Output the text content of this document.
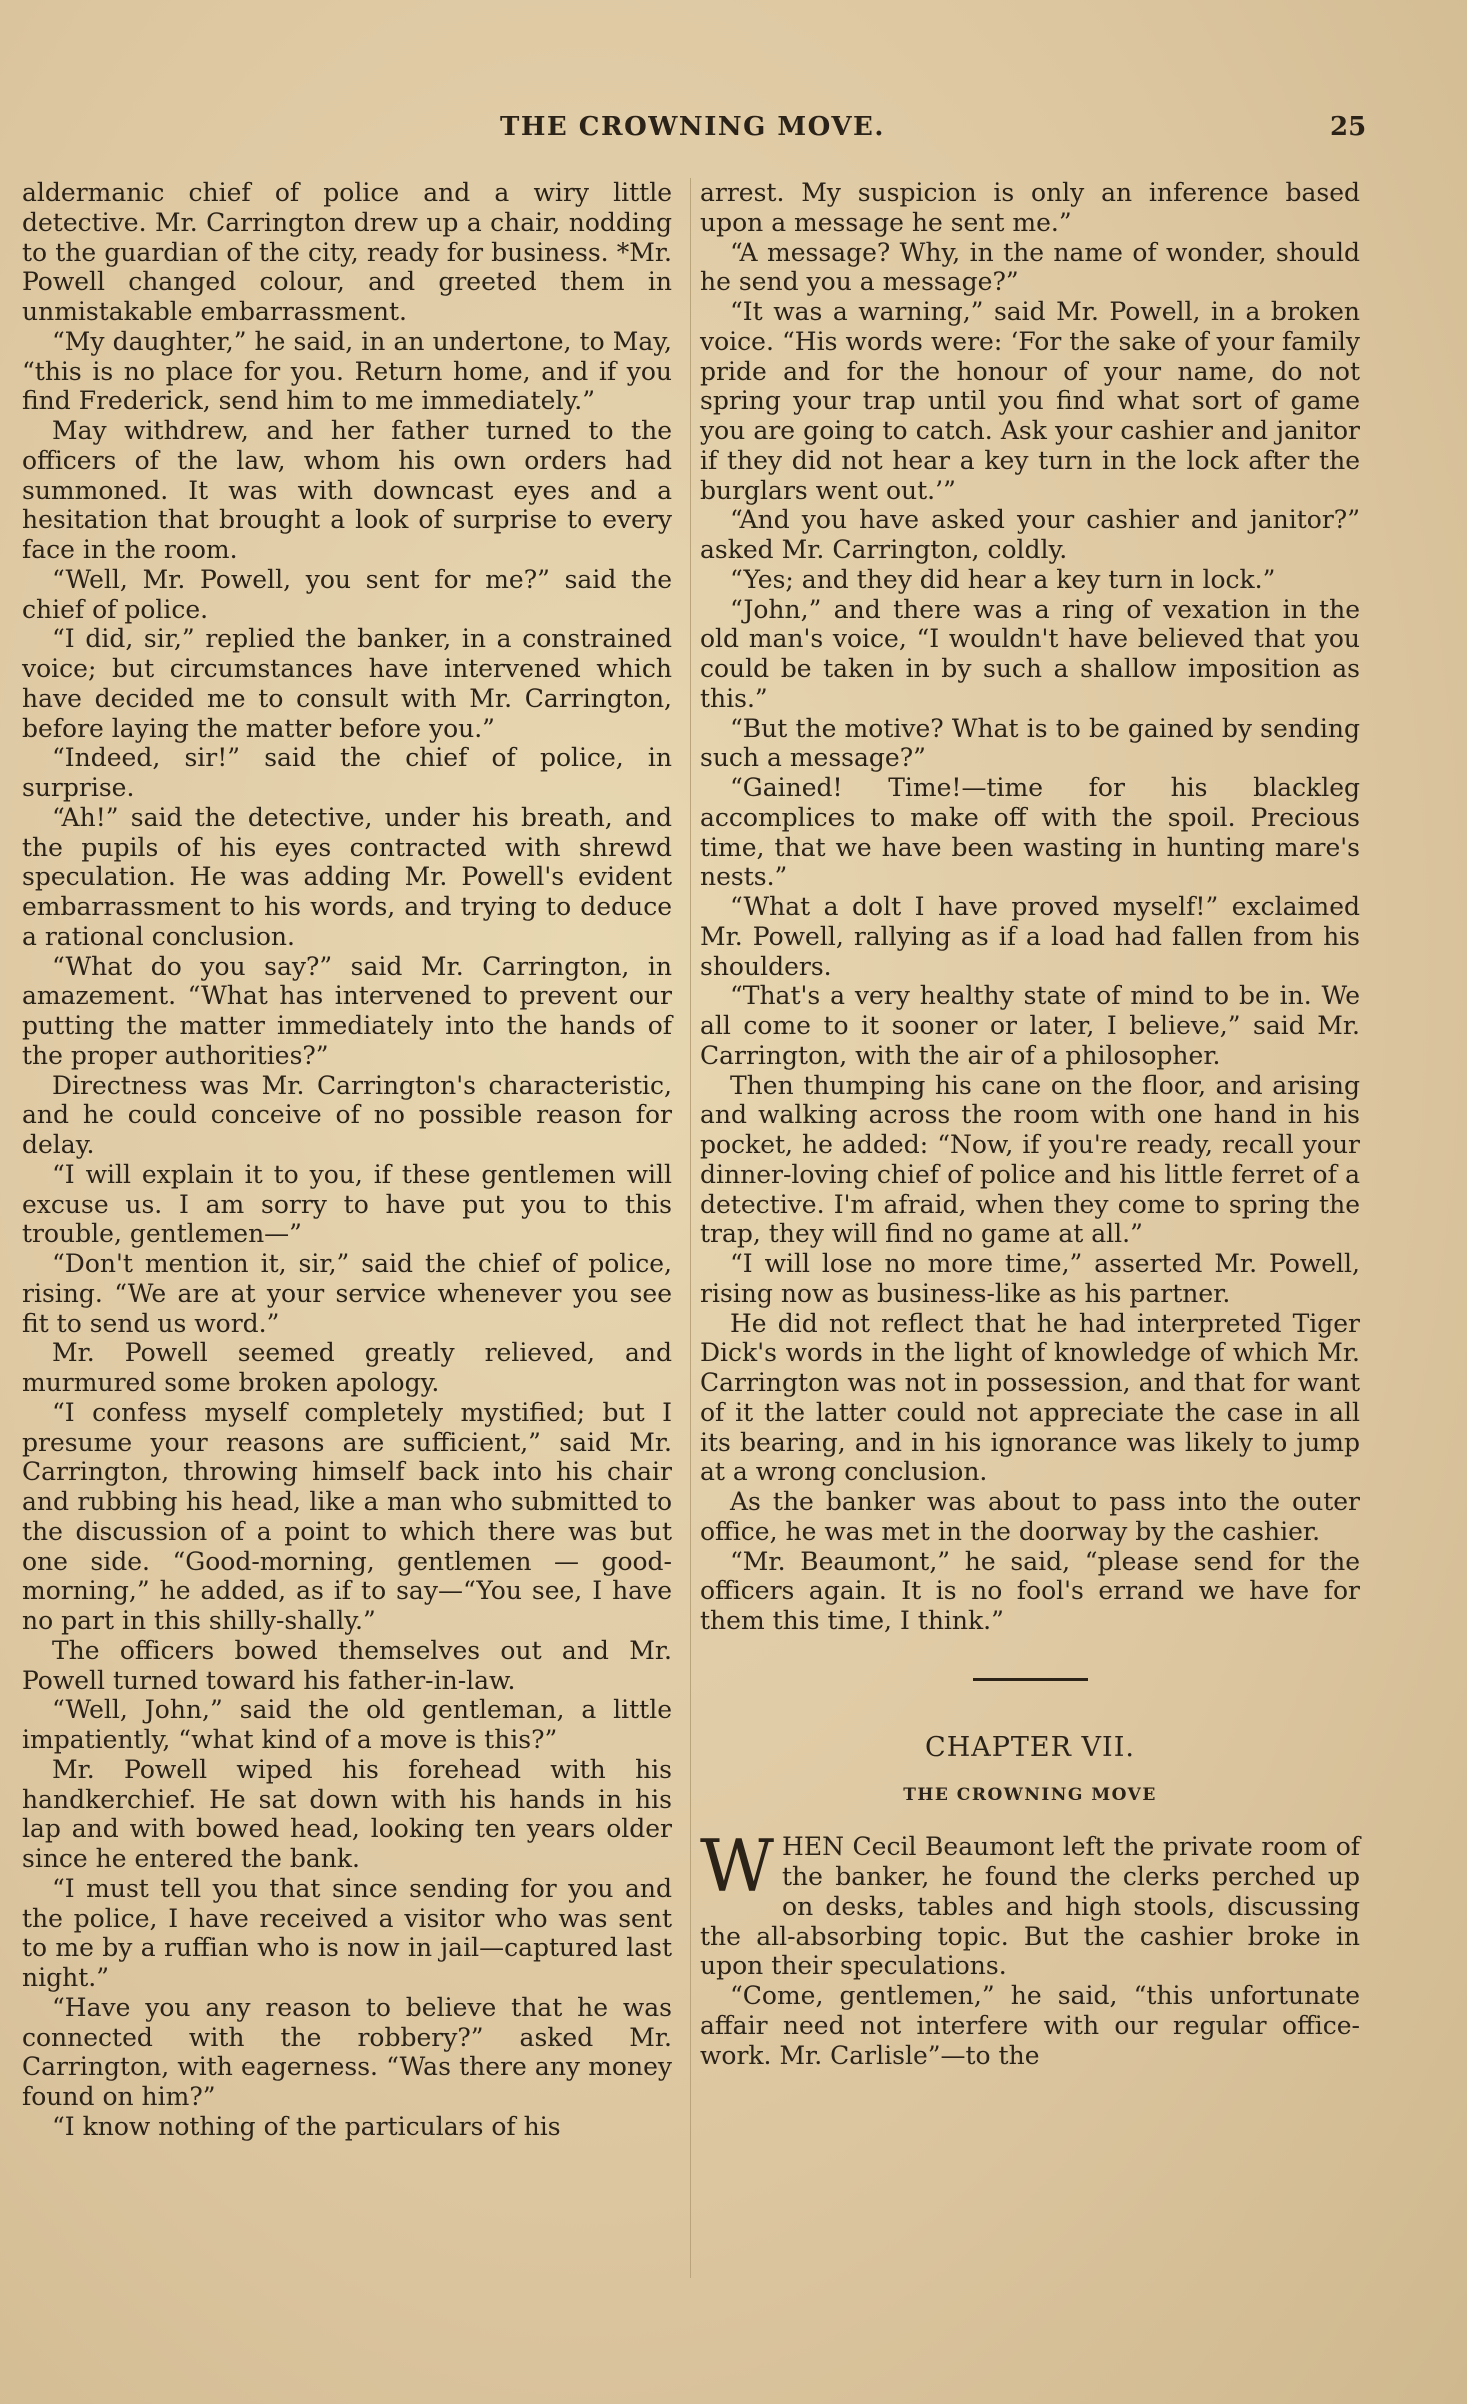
THE CROWNING MOVE.	25

aldermanic chief of police and a wiry little detective. Mr. Carrington drew up a chair, nodding to the guardian of the city, ready for business. *Mr. Powell changed colour, and greeted them in unmistakable embarrassment.

“My daughter,” he said, in an undertone, to May, “this is no place for you. Return home, and if you find Frederick, send him to me immediately.”

May withdrew, and her father turned to the officers of the law, whom his own orders had summoned. It was with downcast eyes and a hesitation that brought a look of surprise to every face in the room.

“Well, Mr. Powell, you sent for me?” said the chief of police.

“I did, sir,” replied the banker, in a constrained voice; but circumstances have intervened which have decided me to consult with Mr. Carrington, before laying the matter before you.”

“Indeed, sir!” said the chief of police, in surprise.

“Ah!” said the detective, under his breath, and the pupils of his eyes contracted with shrewd speculation. He was adding Mr. Powell's evident embarrassment to his words, and trying to deduce a rational conclusion.

“What do you say?” said Mr. Carrington, in amazement. “What has intervened to prevent our putting the matter immediately into the hands of the proper authorities?”

Directness was Mr. Carrington's characteristic, and he could conceive of no possible reason for delay.

“I will explain it to you, if these gentlemen will excuse us. I am sorry to have put you to this trouble, gentlemen—”

“Don't mention it, sir,” said the chief of police, rising. “We are at your service whenever you see fit to send us word.”

Mr. Powell seemed greatly relieved, and murmured some broken apology.

“I confess myself completely mystified; but I presume your reasons are sufficient,” said Mr. Carrington, throwing himself back into his chair and rubbing his head, like a man who submitted to the discussion of a point to which there was but one side. “Good-morning, gentlemen — good-morning,” he added, as if to say—“You see, I have no part in this shilly-shally.”

The officers bowed themselves out and Mr. Powell turned toward his father-in-law.

“Well, John,” said the old gentleman, a little impatiently, “what kind of a move is this?”

Mr. Powell wiped his forehead with his handkerchief. He sat down with his hands in his lap and with bowed head, looking ten years older since he entered the bank.

“I must tell you that since sending for you and the police, I have received a visitor who was sent to me by a ruffian who is now in jail—captured last night.”

“Have you any reason to believe that he was connected with the robbery?” asked Mr. Carrington, with eagerness. “Was there any money found on him?”

“I know nothing of the particulars of his

arrest. My suspicion is only an inference based upon a message he sent me.”

“A message? Why, in the name of wonder, should he send you a message?”

“It was a warning,” said Mr. Powell, in a broken voice. “His words were: ‘For the sake of your family pride and for the honour of your name, do not spring your trap until you find what sort of game you are going to catch. Ask your cashier and janitor if they did not hear a key turn in the lock after the burglars went out.’”

“And you have asked your cashier and janitor?” asked Mr. Carrington, coldly.

“Yes; and they did hear a key turn in lock.”

“John,” and there was a ring of vexation in the old man's voice, “I wouldn't have believed that you could be taken in by such a shallow imposition as this.”

“But the motive? What is to be gained by sending such a message?”

“Gained! Time!—time for his blackleg accomplices to make off with the spoil. Precious time, that we have been wasting in hunting mare's nests.”

“What a dolt I have proved myself!” exclaimed Mr. Powell, rallying as if a load had fallen from his shoulders.

“That's a very healthy state of mind to be in. We all come to it sooner or later, I believe,” said Mr. Carrington, with the air of a philosopher.

Then thumping his cane on the floor, and arising and walking across the room with one hand in his pocket, he added: “Now, if you're ready, recall your dinner-loving chief of police and his little ferret of a detective. I'm afraid, when they come to spring the trap, they will find no game at all.”

“I will lose no more time,” asserted Mr. Powell, rising now as business-like as his partner.

He did not reflect that he had interpreted Tiger Dick's words in the light of knowledge of which Mr. Carrington was not in possession, and that for want of it the latter could not appreciate the case in all its bearing, and in his ignorance was likely to jump at a wrong conclusion.

As the banker was about to pass into the outer office, he was met in the doorway by the cashier.

“Mr. Beaumont,” he said, “please send for the officers again. It is no fool's errand we have for them this time, I think.”

CHAPTER VII.
THE CROWNING MOVE

WHEN Cecil Beaumont left the private room of the banker, he found the clerks perched up on desks, tables and high stools, discussing the all-absorbing topic. But the cashier broke in upon their speculations.

“Come, gentlemen,” he said, “this unfortunate affair need not interfere with our regular office-work. Mr. Carlisle”—to the
